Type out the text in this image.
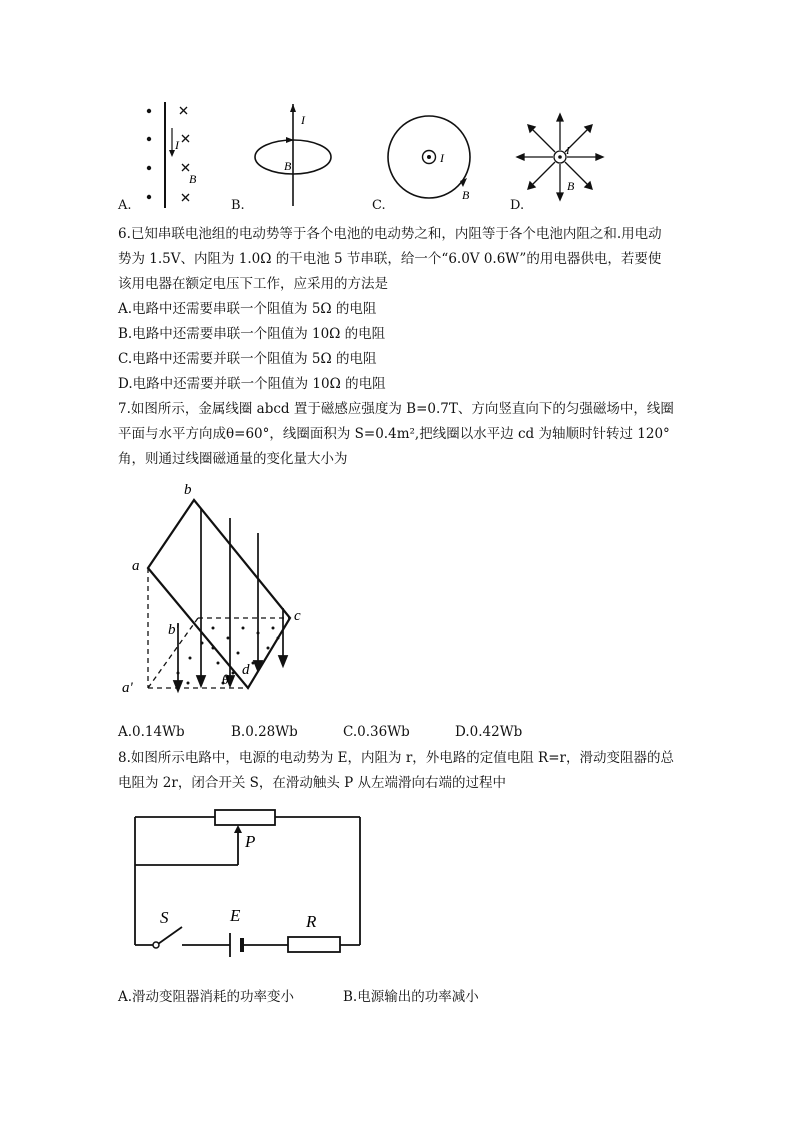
I
B
I
B
I
B
I
B
A.	B.	C.	D.
6.已知串联电池组的电动势等于各个电池的电动势之和，内阻等于各个电池内阻之和.用电动
势为 1.5V、内阻为 1.0Ω 的干电池 5 节串联，给一个“6.0V 0.6W”的用电器供电，若要使
该用电器在额定电压下工作，应采用的方法是
A.电路中还需要串联一个阻值为 5Ω 的电阻
B.电路中还需要串联一个阻值为 10Ω 的电阻
C.电路中还需要并联一个阻值为 5Ω 的电阻
D.电路中还需要并联一个阻值为 10Ω 的电阻
7.如图所示，金属线圈 abcd 置于磁感应强度为 B=0.7T、方向竖直向下的匀强磁场中，线圈
平面与水平方向成θ=60°，线圈面积为 S=0.4m²,把线圈以水平边 cd 为轴顺时针转过 120°
角，则通过线圈磁通量的变化量大小为
a
b
c
d
a'
b'
θ
A.0.14Wb	B.0.28Wb	C.0.36Wb	D.0.42Wb
8.如图所示电路中，电源的电动势为 E，内阻为 r，外电路的定值电阻 R=r，滑动变阻器的总
电阻为 2r，闭合开关 S，在滑动触头 P 从左端滑向右端的过程中
P
S	E	R
A.滑动变阻器消耗的功率变小	B.电源输出的功率减小
